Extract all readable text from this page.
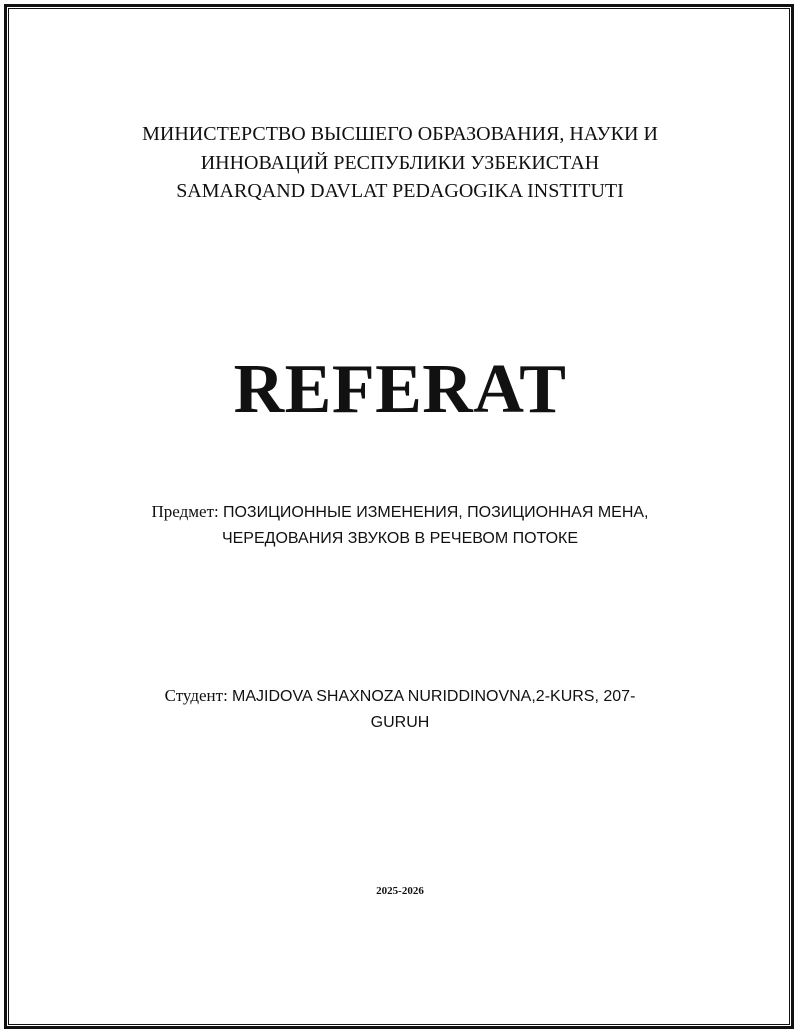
МИНИСТЕРСТВО ВЫСШЕГО ОБРАЗОВАНИЯ, НАУКИ И
ИННОВАЦИЙ РЕСПУБЛИКИ УЗБЕКИСТАН
SAMARQAND DAVLAT PEDAGOGIKA INSTITUTI
REFERAT
Предмет: ПОЗИЦИОННЫЕ ИЗМЕНЕНИЯ, ПОЗИЦИОННАЯ МЕНА,
ЧЕРЕДОВАНИЯ ЗВУКОВ В РЕЧЕВОМ ПОТОКЕ
Студент: MAJIDOVA SHAXNOZA NURIDDINOVNA,2-KURS, 207-
GURUH
2025-2026
